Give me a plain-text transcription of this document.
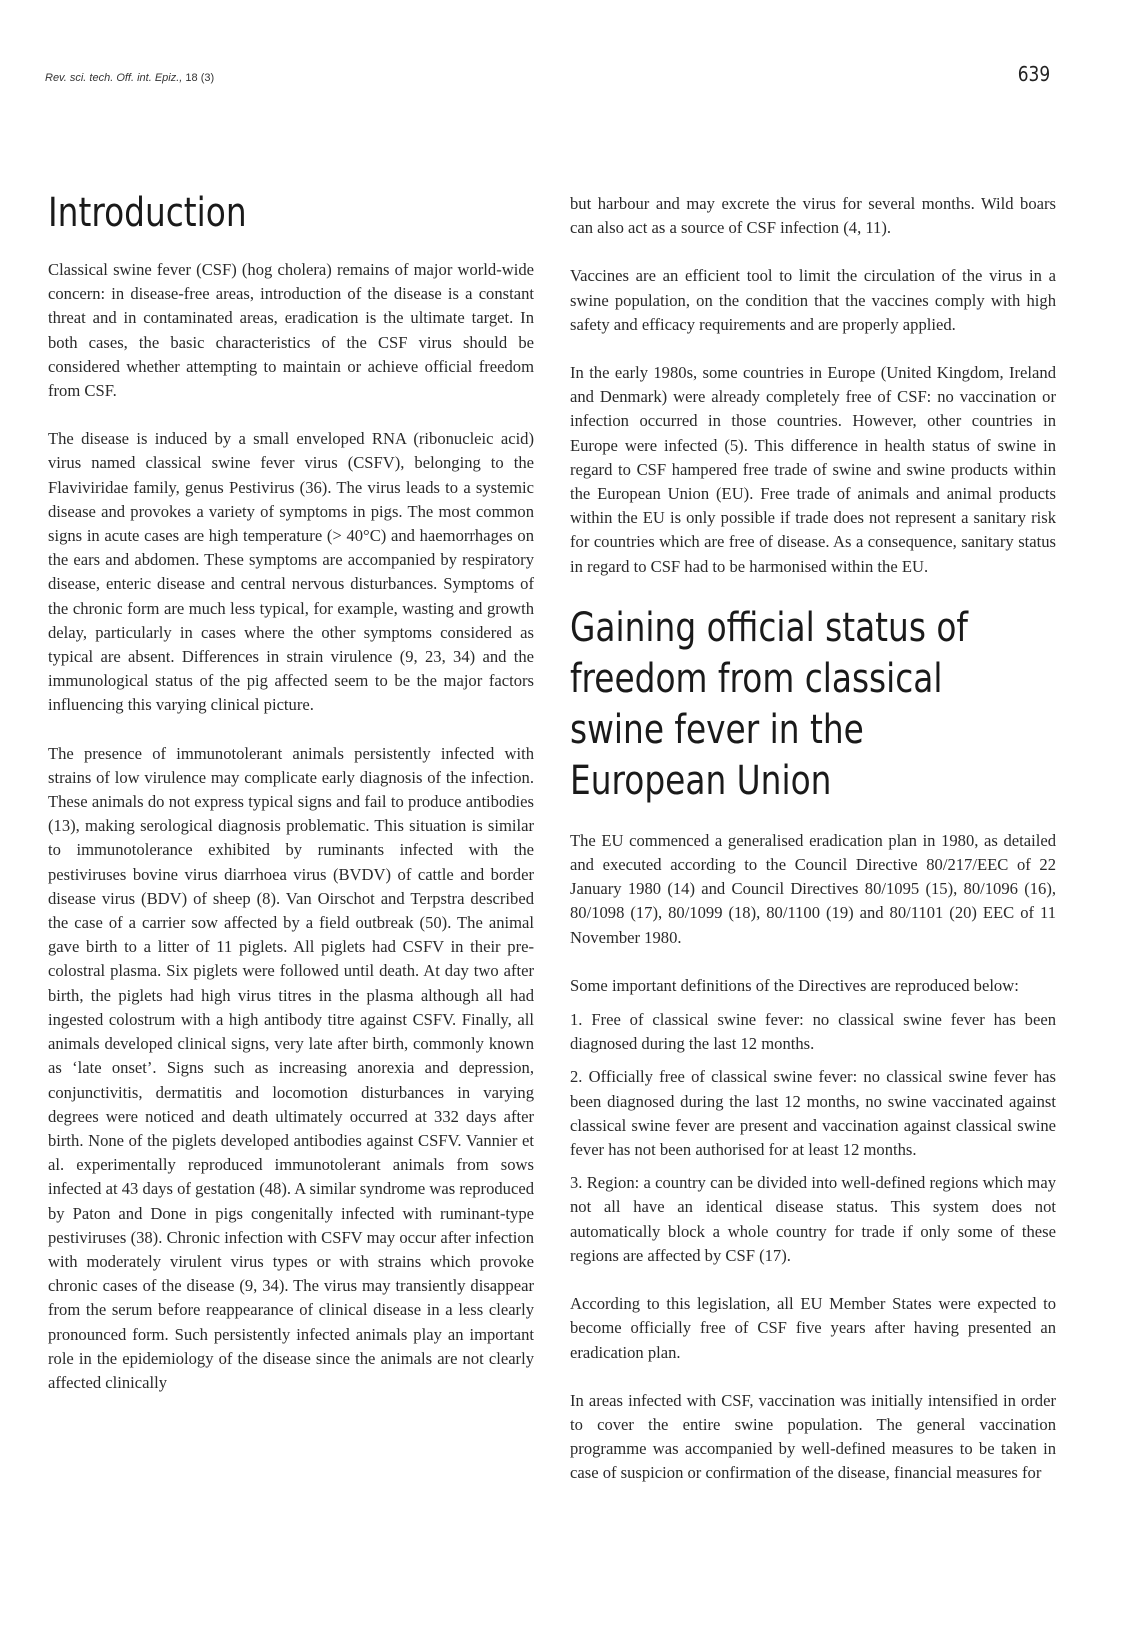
Rev. sci. tech. Off. int. Epiz., 18 (3)	639
Introduction

Classical swine fever (CSF) (hog cholera) remains of major world-wide concern: in disease-free areas, introduction of the disease is a constant threat and in contaminated areas, eradication is the ultimate target. In both cases, the basic characteristics of the CSF virus should be considered whether attempting to maintain or achieve official freedom from CSF.

The disease is induced by a small enveloped RNA (ribonucleic acid) virus named classical swine fever virus (CSFV), belonging to the Flaviviridae family, genus Pestivirus (36). The virus leads to a systemic disease and provokes a variety of symptoms in pigs. The most common signs in acute cases are high temperature (> 40°C) and haemorrhages on the ears and abdomen. These symptoms are accompanied by respiratory disease, enteric disease and central nervous disturbances. Symptoms of the chronic form are much less typical, for example, wasting and growth delay, particularly in cases where the other symptoms considered as typical are absent. Differences in strain virulence (9, 23, 34) and the immunological status of the pig affected seem to be the major factors influencing this varying clinical picture.

The presence of immunotolerant animals persistently infected with strains of low virulence may complicate early diagnosis of the infection. These animals do not express typical signs and fail to produce antibodies (13), making serological diagnosis problematic. This situation is similar to immunotolerance exhibited by ruminants infected with the pestiviruses bovine virus diarrhoea virus (BVDV) of cattle and border disease virus (BDV) of sheep (8). Van Oirschot and Terpstra described the case of a carrier sow affected by a field outbreak (50). The animal gave birth to a litter of 11 piglets. All piglets had CSFV in their pre-colostral plasma. Six piglets were followed until death. At day two after birth, the piglets had high virus titres in the plasma although all had ingested colostrum with a high antibody titre against CSFV. Finally, all animals developed clinical signs, very late after birth, commonly known as ‘late onset’. Signs such as increasing anorexia and depression, conjunctivitis, dermatitis and locomotion disturbances in varying degrees were noticed and death ultimately occurred at 332 days after birth. None of the piglets developed antibodies against CSFV. Vannier et al. experimentally reproduced immunotolerant animals from sows infected at 43 days of gestation (48). A similar syndrome was reproduced by Paton and Done in pigs congenitally infected with ruminant-type pestiviruses (38). Chronic infection with CSFV may occur after infection with moderately virulent virus types or with strains which provoke chronic cases of the disease (9, 34). The virus may transiently disappear from the serum before reappearance of clinical disease in a less clearly pronounced form. Such persistently infected animals play an important role in the epidemiology of the disease since the animals are not clearly affected clinically

but harbour and may excrete the virus for several months. Wild boars can also act as a source of CSF infection (4, 11).

Vaccines are an efficient tool to limit the circulation of the virus in a swine population, on the condition that the vaccines comply with high safety and efficacy requirements and are properly applied.

In the early 1980s, some countries in Europe (United Kingdom, Ireland and Denmark) were already completely free of CSF: no vaccination or infection occurred in those countries. However, other countries in Europe were infected (5). This difference in health status of swine in regard to CSF hampered free trade of swine and swine products within the European Union (EU). Free trade of animals and animal products within the EU is only possible if trade does not represent a sanitary risk for countries which are free of disease. As a consequence, sanitary status in regard to CSF had to be harmonised within the EU.

Gaining official status of freedom from classical swine fever in the European Union

The EU commenced a generalised eradication plan in 1980, as detailed and executed according to the Council Directive 80/217/EEC of 22 January 1980 (14) and Council Directives 80/1095 (15), 80/1096 (16), 80/1098 (17), 80/1099 (18), 80/1100 (19) and 80/1101 (20) EEC of 11 November 1980.

Some important definitions of the Directives are reproduced below:

1. Free of classical swine fever: no classical swine fever has been diagnosed during the last 12 months.

2. Officially free of classical swine fever: no classical swine fever has been diagnosed during the last 12 months, no swine vaccinated against classical swine fever are present and vaccination against classical swine fever has not been authorised for at least 12 months.

3. Region: a country can be divided into well-defined regions which may not all have an identical disease status. This system does not automatically block a whole country for trade if only some of these regions are affected by CSF (17).

According to this legislation, all EU Member States were expected to become officially free of CSF five years after having presented an eradication plan.

In areas infected with CSF, vaccination was initially intensified in order to cover the entire swine population. The general vaccination programme was accompanied by well-defined measures to be taken in case of suspicion or confirmation of the disease, financial measures for
